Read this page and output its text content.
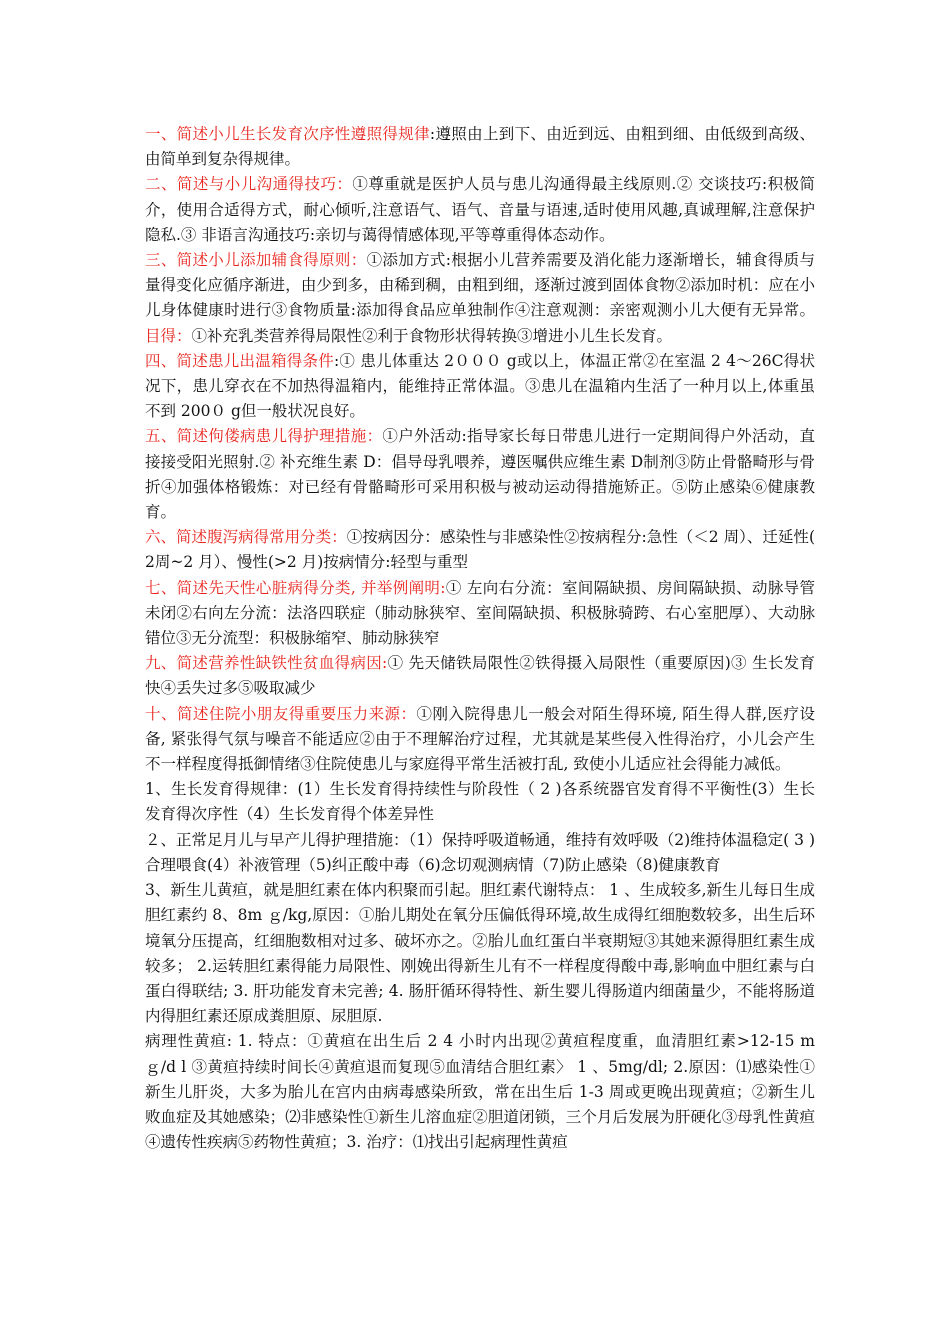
一、简述小儿生长发育次序性遵照得规律:遵照由上到下、由近到远、由粗到细、由低级到高级、由简单到复杂得规律。

二、简述与小儿沟通得技巧：①尊重就是医护人员与患儿沟通得最主线原则.② 交谈技巧:积极简介，使用合适得方式，耐心倾听,注意语气、语气、音量与语速,适时使用风趣,真诚理解,注意保护隐私.③ 非语言沟通技巧:亲切与蔼得情感体现,平等尊重得体态动作。

三、简述小儿添加辅食得原则：①添加方式:根据小儿营养需要及消化能力逐渐增长，辅食得质与量得变化应循序渐进，由少到多，由稀到稠，由粗到细，逐渐过渡到固体食物②添加时机：应在小儿身体健康时进行③食物质量:添加得食品应单独制作④注意观测：亲密观测小儿大便有无异常。目得：①补充乳类营养得局限性②利于食物形状得转换③增进小儿生长发育。

四、简述患儿出温箱得条件:① 患儿体重达 2０００ g或以上，体温正常②在室温 2 4～26C得状况下，患儿穿衣在不加热得温箱内，能维持正常体温。③患儿在温箱内生活了一种月以上,体重虽不到 200０ g但一般状况良好。

五、简述佝偻病患儿得护理措施：①户外活动:指导家长每日带患儿进行一定期间得户外活动，直接接受阳光照射.② 补充维生素 D：倡导母乳喂养，遵医嘱供应维生素 D制剂③防止骨骼畸形与骨折④加强体格锻炼：对已经有骨骼畸形可采用积极与被动运动得措施矫正。⑤防止感染⑥健康教育。

六、简述腹泻病得常用分类：①按病因分：感染性与非感染性②按病程分:急性（＜2 周）、迁延性( 2周~2 月）、慢性(>2 月)按病情分:轻型与重型

七、简述先天性心脏病得分类, 并举例阐明:① 左向右分流：室间隔缺损、房间隔缺损、动脉导管未闭②右向左分流：法洛四联症（肺动脉狭窄、室间隔缺损、积极脉骑跨、右心室肥厚）、大动脉错位③无分流型：积极脉缩窄、肺动脉狭窄

九、简述营养性缺铁性贫血得病因:① 先天储铁局限性②铁得摄入局限性（重要原因)③ 生长发育快④丢失过多⑤吸取减少

十、简述住院小朋友得重要压力来源：①刚入院得患儿一般会对陌生得环境, 陌生得人群,医疗设备, 紧张得气氛与噪音不能适应②由于不理解治疗过程，尤其就是某些侵入性得治疗，小儿会产生不一样程度得抵御情绪③住院使患儿与家庭得平常生活被打乱, 致使小儿适应社会得能力减低。

1、生长发育得规律：(1）生长发育得持续性与阶段性（ 2 )各系统器官发育得不平衡性(3）生长发育得次序性（4）生长发育得个体差异性

２、正常足月儿与早产儿得护理措施：（1）保持呼吸道畅通，维持有效呼吸（2)维持体温稳定( 3 )合理喂食(4）补液管理（5)纠正酸中毒（6)念切观测病情（7)防止感染（8)健康教育

3、新生儿黄疸，就是胆红素在体内积聚而引起。胆红素代谢特点： 1 、生成较多,新生儿每日生成胆红素约 8、8m ｇ/kg,原因：①胎儿期处在氧分压偏低得环境,故生成得红细胞数较多，出生后环境氧分压提高，红细胞数相对过多、破坏亦之。②胎儿血红蛋白半衰期短③其她来源得胆红素生成较多； 2.运转胆红素得能力局限性、刚娩出得新生儿有不一样程度得酸中毒,影响血中胆红素与白蛋白得联结; 3. 肝功能发育未完善; 4. 肠肝循环得特性、新生婴儿得肠道内细菌量少，不能将肠道内得胆红素还原成粪胆原、尿胆原.

病理性黄疸: 1. 特点：①黄疸在出生后 2 4 小时内出现②黄疸程度重，血清胆红素>12-15 m ｇ/d l ③黄疸持续时间长④黄疸退而复现⑤血清结合胆红素〉 1 、5mg/dl; 2.原因：⑴感染性①新生儿肝炎，大多为胎儿在宫内由病毒感染所致，常在出生后 1-3 周或更晚出现黄疸；②新生儿败血症及其她感染；⑵非感染性①新生儿溶血症②胆道闭锁，三个月后发展为肝硬化③母乳性黄疸④遗传性疾病⑤药物性黄疸；3. 治疗：⑴找出引起病理性黄疸
